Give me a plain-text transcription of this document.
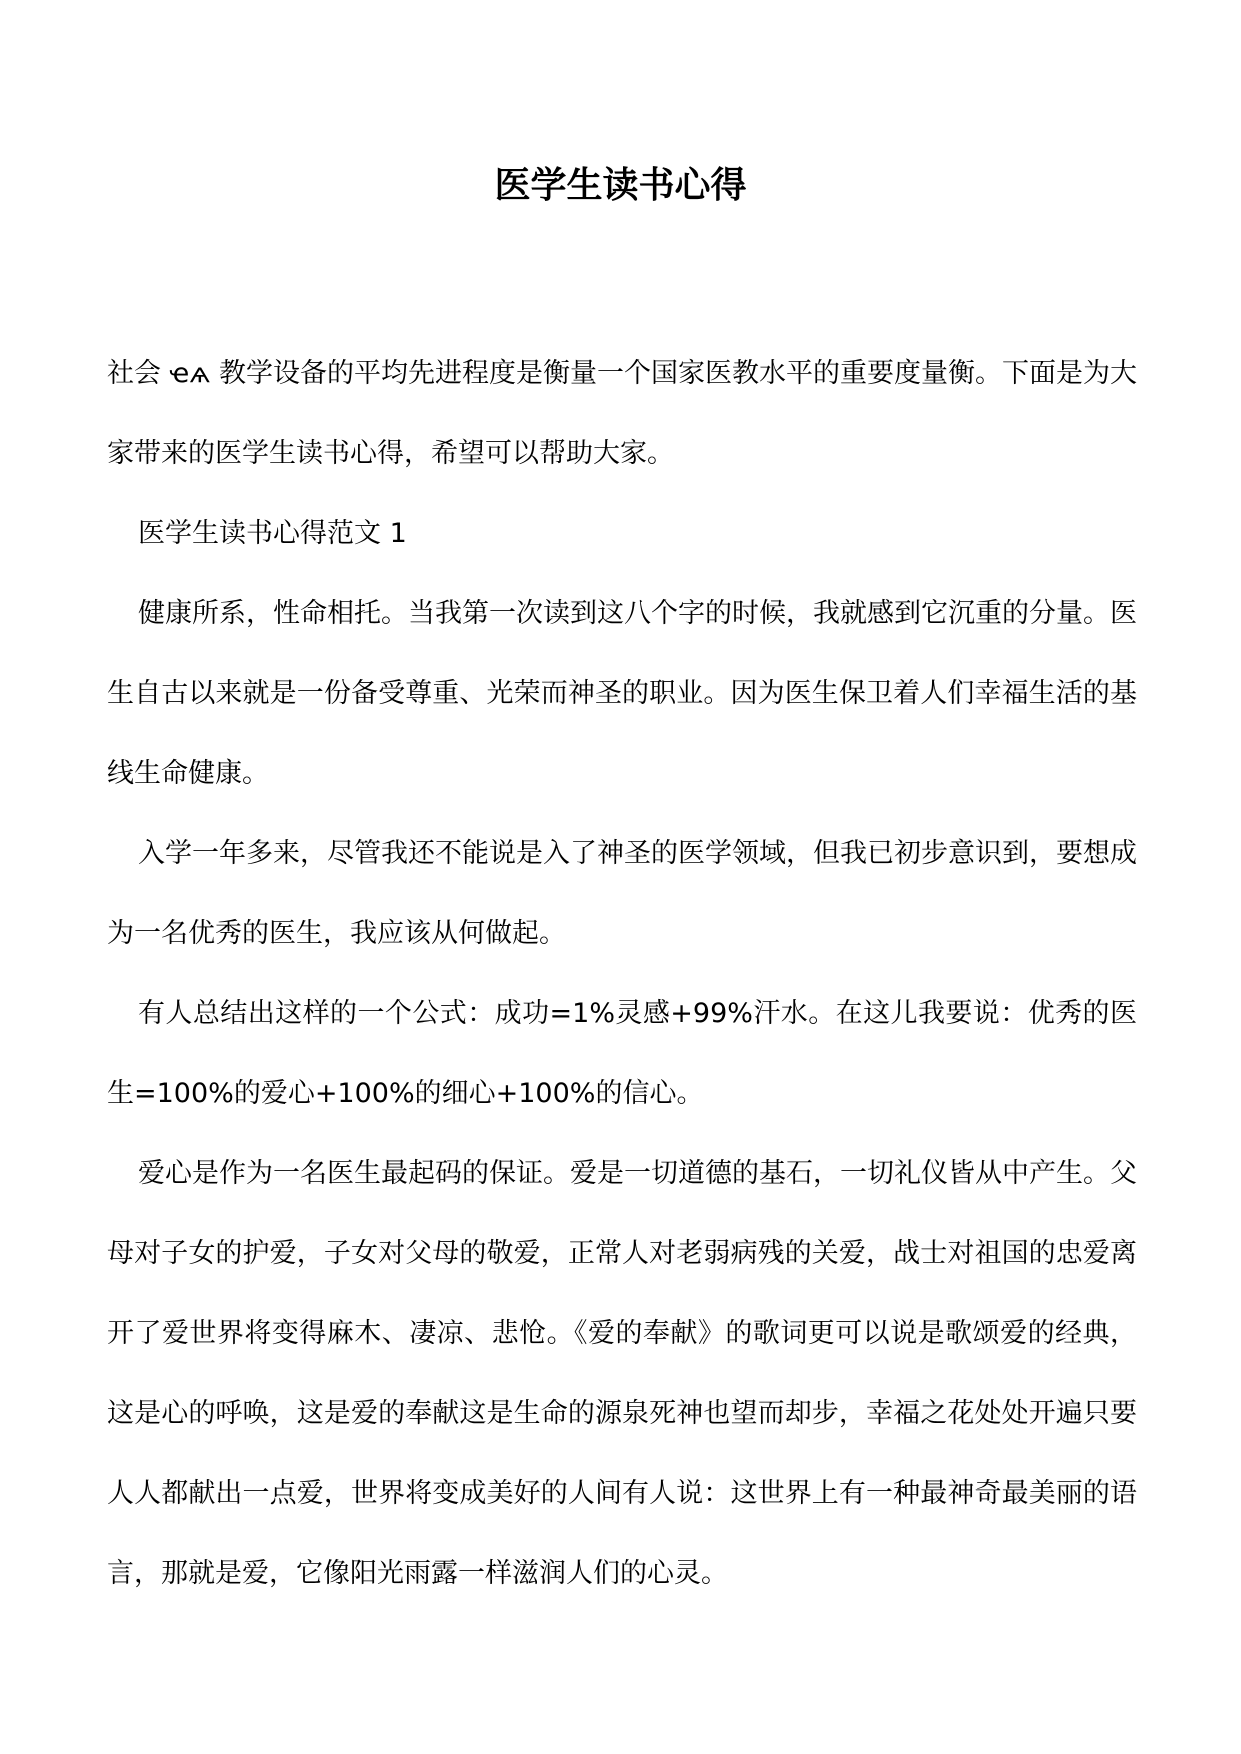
医学生读书心得

社会 ҽѧ 教学设备的平均先进程度是衡量一个国家医教水平的重要度量衡。下面是为大家带来的医学生读书心得，希望可以帮助大家。

医学生读书心得范文 1

健康所系，性命相托。当我第一次读到这八个字的时候，我就感到它沉重的分量。医生自古以来就是一份备受尊重、光荣而神圣的职业。因为医生保卫着人们幸福生活的基线生命健康。

入学一年多来，尽管我还不能说是入了神圣的医学领域，但我已初步意识到，要想成为一名优秀的医生，我应该从何做起。

有人总结出这样的一个公式：成功=1%灵感+99%汗水。在这儿我要说：优秀的医生=100%的爱心+100%的细心+100%的信心。

爱心是作为一名医生最起码的保证。爱是一切道德的基石，一切礼仪皆从中产生。父母对子女的护爱，子女对父母的敬爱，正常人对老弱病残的关爱，战士对祖国的忠爱离开了爱世界将变得麻木、凄凉、悲怆。《爱的奉献》的歌词更可以说是歌颂爱的经典，这是心的呼唤，这是爱的奉献这是生命的源泉死神也望而却步，幸福之花处处开遍只要人人都献出一点爱，世界将变成美好的人间有人说：这世界上有一种最神奇最美丽的语言，那就是爱，它像阳光雨露一样滋润人们的心灵。
